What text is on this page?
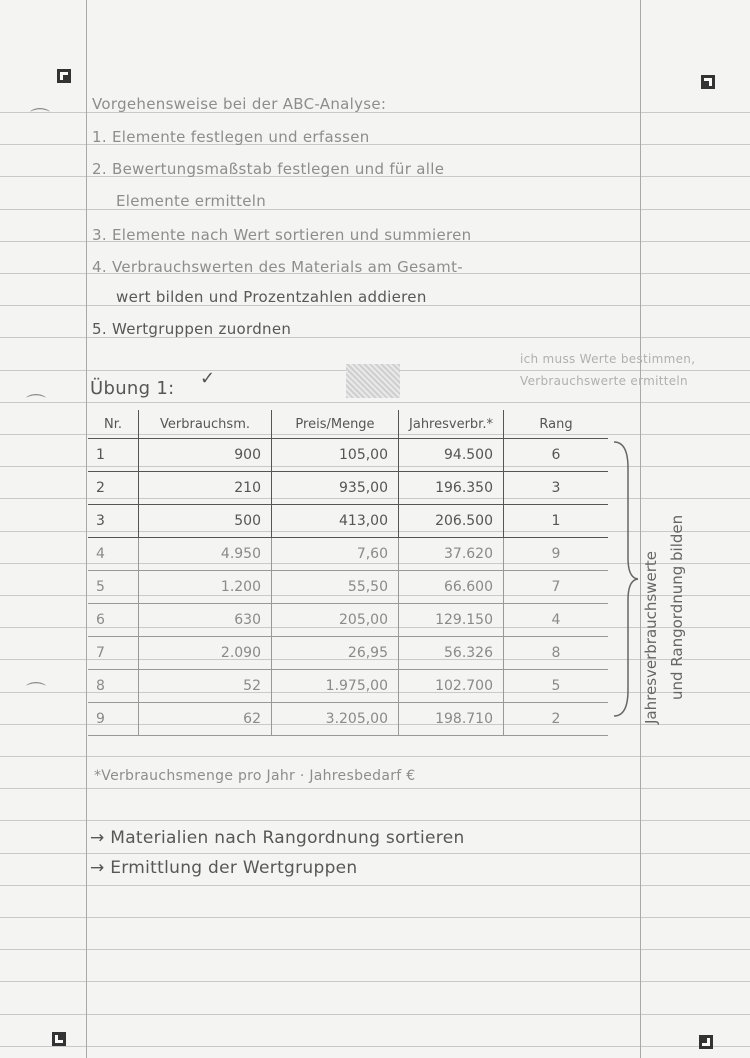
⌒
⌒
⌒
Vorgehensweise bei der ABC-Analyse:
1. Elemente festlegen und erfassen
2. Bewertungsmaßstab festlegen und für alle
Elemente ermitteln
3. Elemente nach Wert sortieren und summieren
4. Verbrauchswerten des Materials am Gesamt-
wert bilden und Prozentzahlen addieren
5. Wertgruppen zuordnen
ich muss Werte bestimmen,
Verbrauchswerte ermitteln
Übung 1: ✓
Nr.	Verbrauchsm.	Preis/Menge	Jahresverbr.*	Rang
1	900	105,00	94.500	6
2	210	935,00	196.350	3
3	500	413,00	206.500	1
4	4.950	7,60	37.620	9
5	1.200	55,50	66.600	7
6	630	205,00	129.150	4
7	2.090	26,95	56.326	8
8	52	1.975,00	102.700	5
9	62	3.205,00	198.710	2	Jahresverbrauchswerte und Rangordnung bilden
*Verbrauchsmenge pro Jahr · Jahresbedarf €
→ Materialien nach Rangordnung sortieren
→ Ermittlung der Wertgruppen
